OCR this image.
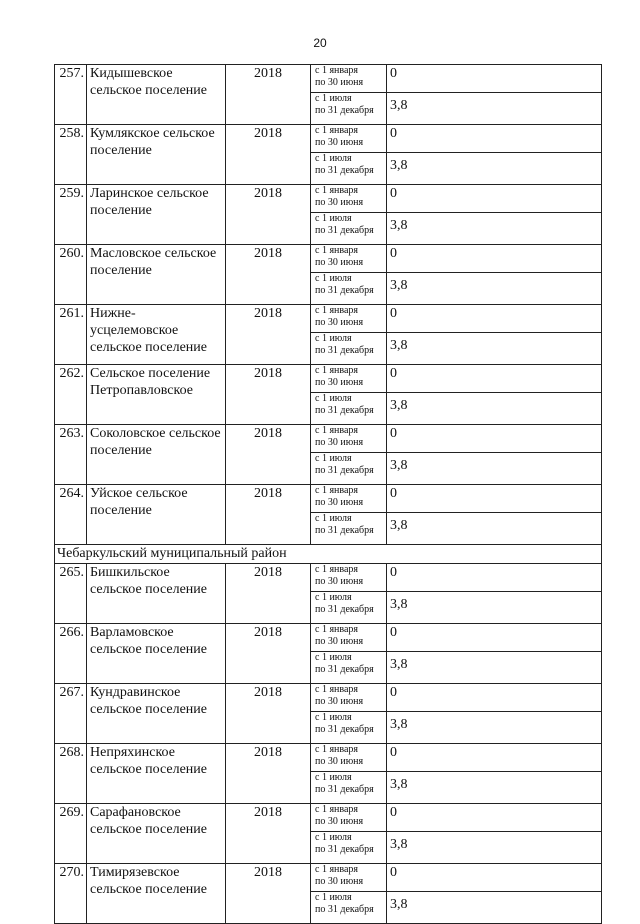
20
257.	Кидышевское сельское поселение	2018	с 1 января
по 30 июня	0
			с 1 июля
по 31 декабря	3,8
258.	Кумлякское сельское поселение	2018	с 1 января
по 30 июня	0
			с 1 июля
по 31 декабря	3,8
259.	Ларинское сельское поселение	2018	с 1 января
по 30 июня	0
			с 1 июля
по 31 декабря	3,8
260.	Масловское сельское поселение	2018	с 1 января
по 30 июня	0
			с 1 июля
по 31 декабря	3,8
261.	Нижне-усцелемовское сельское поселение	2018	с 1 января
по 30 июня	0
			с 1 июля
по 31 декабря	3,8
262.	Сельское поселение Петропавловское	2018	с 1 января
по 30 июня	0
			с 1 июля
по 31 декабря	3,8
263.	Соколовское сельское поселение	2018	с 1 января
по 30 июня	0
			с 1 июля
по 31 декабря	3,8
264.	Уйское сельское поселение	2018	с 1 января
по 30 июня	0
			с 1 июля
по 31 декабря	3,8
Чебаркульский муниципальный район				
265.	Бишкильское сельское поселение	2018	с 1 января
по 30 июня	0
			с 1 июля
по 31 декабря	3,8
266.	Варламовское сельское поселение	2018	с 1 января
по 30 июня	0
			с 1 июля
по 31 декабря	3,8
267.	Кундравинское сельское поселение	2018	с 1 января
по 30 июня	0
			с 1 июля
по 31 декабря	3,8
268.	Непряхинское сельское поселение	2018	с 1 января
по 30 июня	0
			с 1 июля
по 31 декабря	3,8
269.	Сарафановское сельское поселение	2018	с 1 января
по 30 июня	0
			с 1 июля
по 31 декабря	3,8
270.	Тимирязевское сельское поселение	2018	с 1 января
по 30 июня	0
			с 1 июля
по 31 декабря	3,8
